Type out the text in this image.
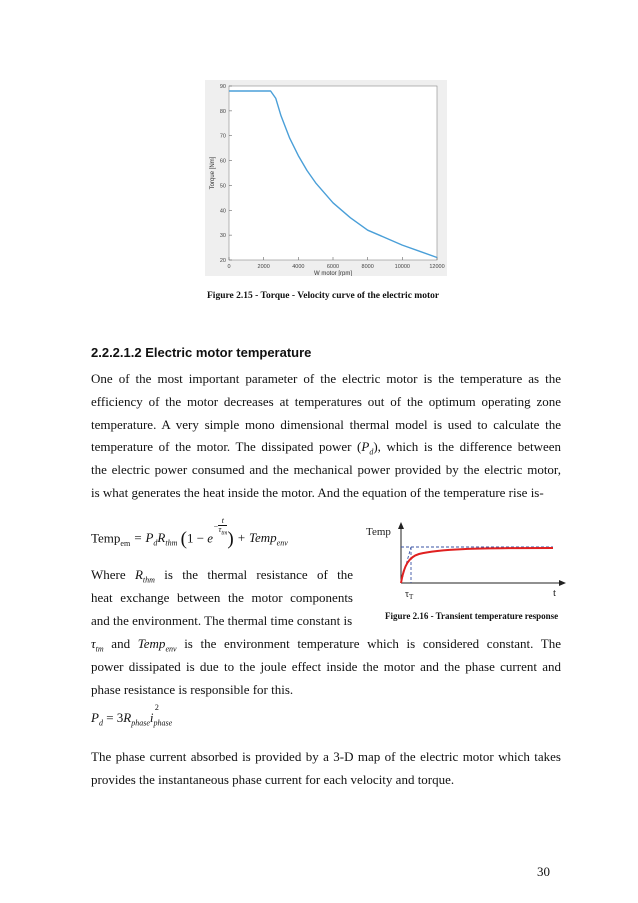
0	2000	4000	6000	8000	10000	12000
20
30
40
50
60
70
80
90
W motor [rpm]
Torque [Nm]
Figure 2.15 - Torque - Velocity curve of the electric motor
2.2.2.1.2 Electric motor temperature
One of the most important parameter of the electric motor is the temperature as the
efficiency of the motor decreases at temperatures out of the optimum operating zone
temperature. A very simple mono dimensional thermal model is used to calculate the
temperature of the motor. The dissipated power $(P_d)$, which is the difference between
the electric power consumed and the mechanical power provided by the electric motor,
is what generates the heat inside the motor. And the equation of the temperature rise is-
Temp$_{em}$ = $P_dR_{thm}$ ($1 - e^{- t \tau_{tm}}$ ) + Temp$_{env}$
Temp
t
$\tau_T$
Figure 2.16 - Transient temperature response
Where $R_{thm}$ is the thermal resistance of the
heat exchange between the motor components
and the environment. The thermal time constant is
$\tau_{tm}$ and Temp$_{env}$ is the environment temperature which is considered constant. The
power dissipated is due to the joule effect inside the motor and the phase current and
phase resistance is responsible for this.
$P_d = 3R_{phase}i$
2
$_{phase}$
The phase current absorbed is provided by a 3-D map of the electric motor which takes
provides the instantaneous phase current for each velocity and torque.
30
